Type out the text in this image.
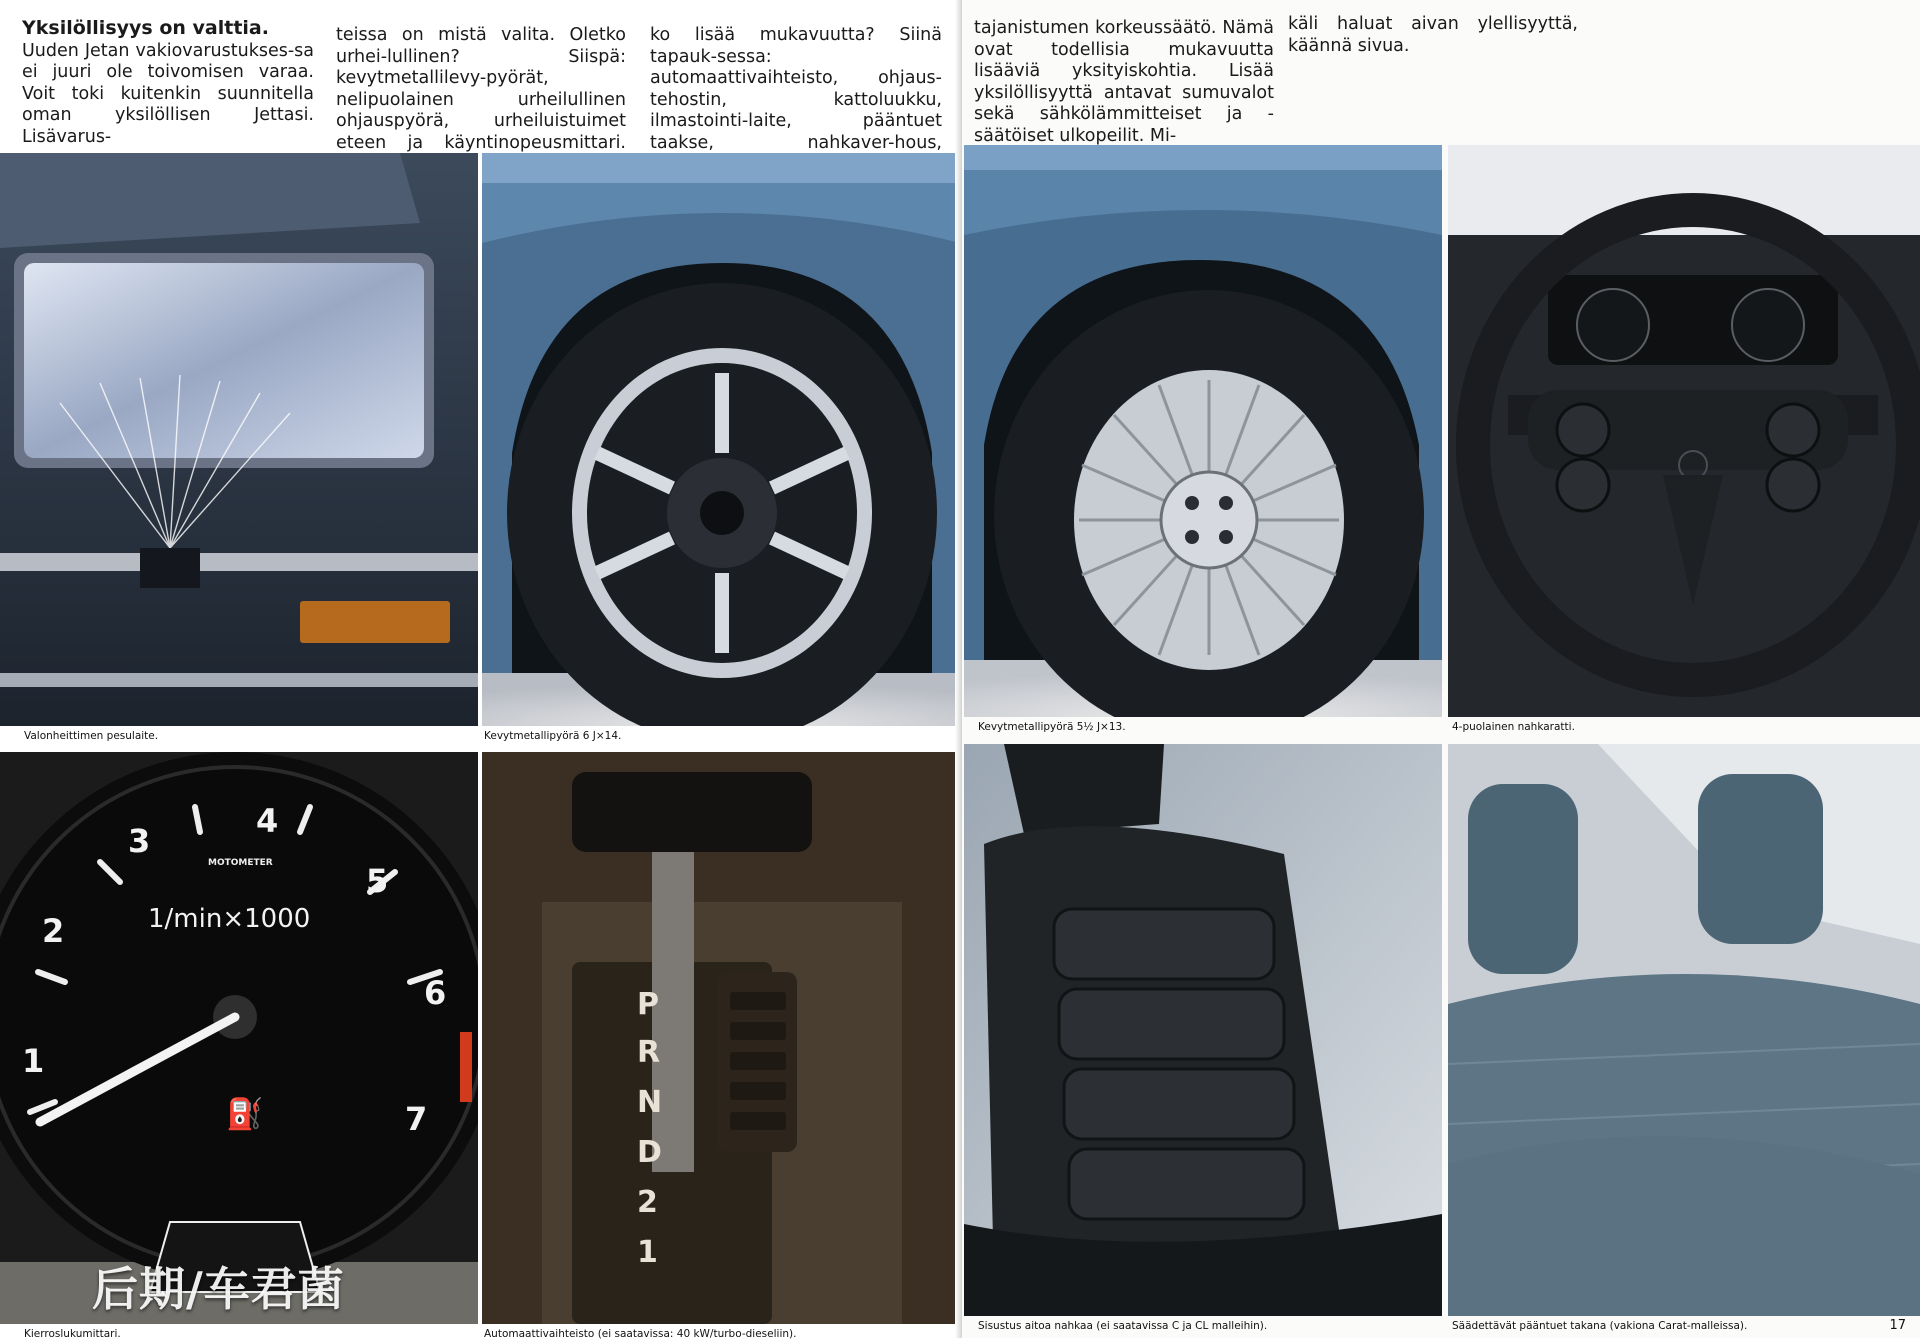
Yksilöllisyys on valttia.
Uuden Jetan vakiovarustukses-sa ei juuri ole toivomisen varaa. Voit toki kuitenkin suunnitella oman yksilöllisen Jettasi. Lisävarus-
teissa on mistä valita. Oletko urhei-lullinen? Siispä: kevytmetallilevy-pyörät, nelipuolainen urheilullinen ohjauspyörä, urheiluistuimet eteen ja käyntinopeusmittari.
ko lisää mukavuutta? Siinä tapauk-sessa: automaattivaihteisto, ohjaus-tehostin, kattoluukku, ilmastointi-laite, pääntuet taakse, nahkaver-hous,
Valonheittimen pesulaite.	Kevytmetallipyörä 6 J×14.
MOTOMETER
1/min×1000
1
2
3
4
5
6
7
⛽
Kierroslukumittari.
P
R
N
D
2
1
Automaattivaihteisto (ei saatavissa: 40 kW/turbo-dieseliin).
后期/车君菌
tajanistumen korkeussäätö. Nämä ovat todellisia mukavuutta lisääviä yksityiskohtia. Lisää yksilöllisyyttä antavat sumuvalot sekä sähkölämmitteiset ja -säätöiset ulkopeilit. Mi-
käli haluat aivan ylellisyyttä, käännä sivua.
Kevytmetallipyörä 5½ J×13.	4-puolainen nahkaratti.
Sisustus aitoa nahkaa (ei saatavissa C ja CL malleihin).	Säädettävät pääntuet takana (vakiona Carat-malleissa).	17
